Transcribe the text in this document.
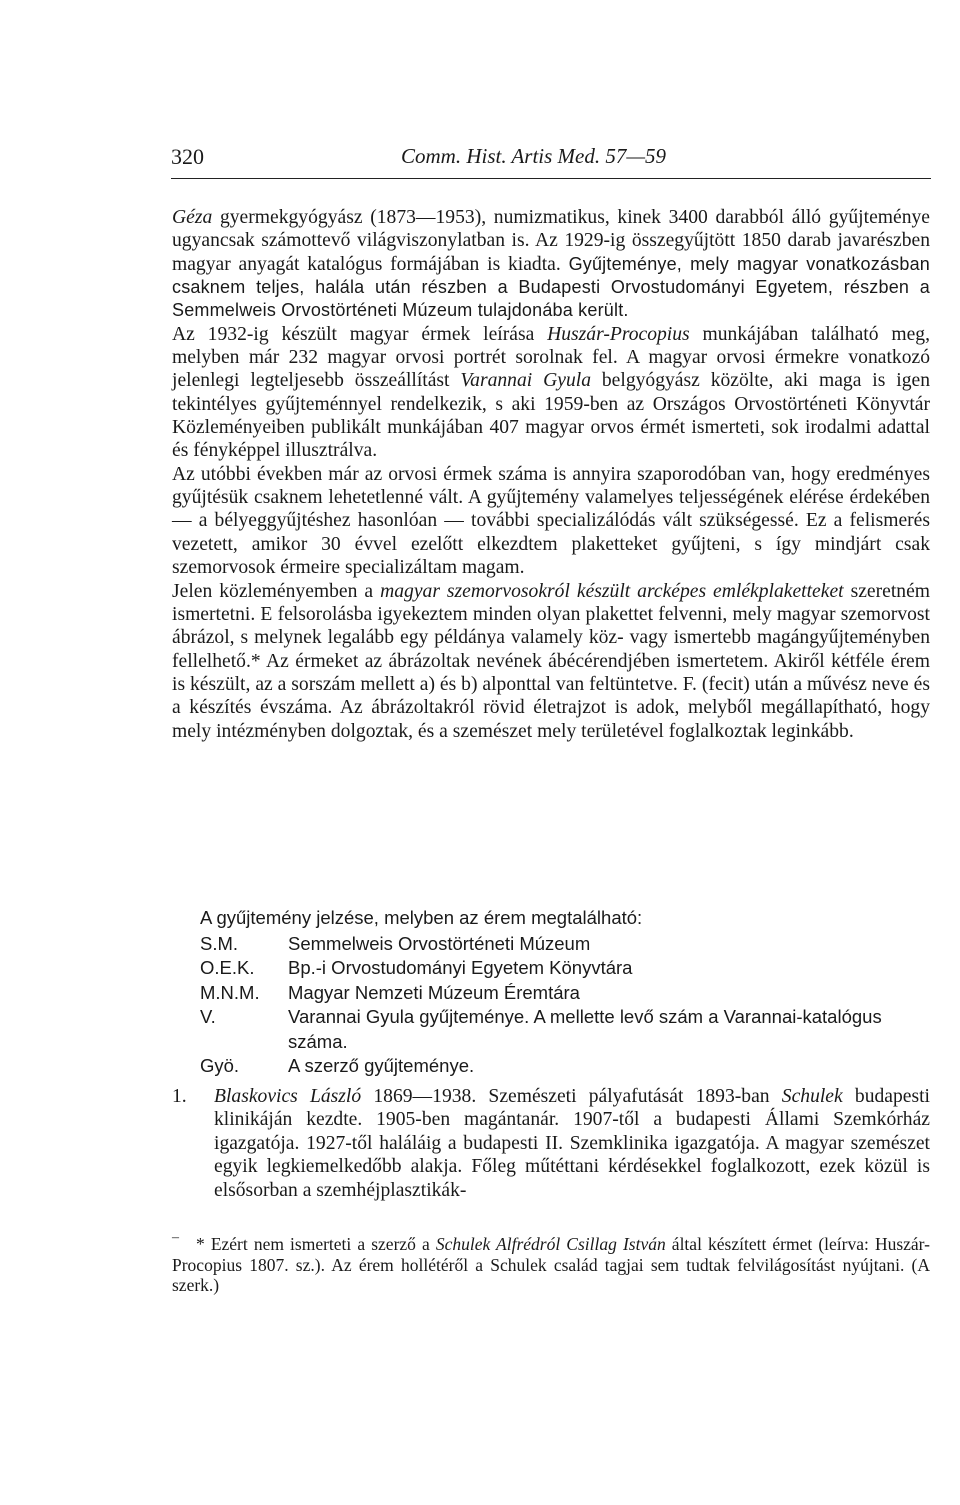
320	Comm. Hist. Artis Med. 57—59

Géza gyermekgyógyász (1873—1953), numizmatikus, kinek 3400 darabból álló gyűjteménye ugyancsak számottevő világviszonylatban is. Az 1929-ig összegyűjtött 1850 darab javarészben magyar anyagát katalógus formájában is kiadta. Gyűjteménye, mely magyar vonatkozásban csaknem teljes, halála után részben a Budapesti Orvostudományi Egyetem, részben a Semmelweis Orvostörténeti Múzeum tulajdonába került.

Az 1932-ig készült magyar érmek leírása Huszár-Procopius munkájában található meg, melyben már 232 magyar orvosi portrét sorolnak fel. A magyar orvosi érmekre vonatkozó jelenlegi legteljesebb összeállítást Varannai Gyula belgyógyász közölte, aki maga is igen tekintélyes gyűjteménnyel rendelkezik, s aki 1959-ben az Országos Orvostörténeti Könyvtár Közleményeiben publikált munkájában 407 magyar orvos érmét ismerteti, sok irodalmi adattal és fényképpel illusztrálva.

Az utóbbi években már az orvosi érmek száma is annyira szaporodóban van, hogy eredményes gyűjtésük csaknem lehetetlenné vált. A gyűjtemény valamelyes teljességének elérése érdekében — a bélyeggyűjtéshez hasonlóan — további specializálódás vált szükségessé. Ez a felismerés vezetett, amikor 30 évvel ezelőtt elkezdtem plaketteket gyűjteni, s így mindjárt csak szemorvosok érmeire specializáltam magam.

Jelen közleményemben a magyar szemorvosokról készült arcképes emlékplaketteket szeretném ismertetni. E felsorolásba igyekeztem minden olyan plakettet felvenni, mely magyar szemorvost ábrázol, s melynek legalább egy példánya valamely köz- vagy ismertebb magángyűjteményben fellelhető.* Az érmeket az ábrázoltak nevének ábécérendjében ismertetem. Akiről kétféle érem is készült, az a sorszám mellett a) és b) alponttal van feltüntetve. F. (fecit) után a művész neve és a készítés évszáma. Az ábrázoltakról rövid életrajzot is adok, melyből megállapítható, hogy mely intézményben dolgoztak, és a szemészet mely területével foglalkoztak leginkább.

A gyűjtemény jelzése, melyben az érem megtalálható:

S.M.	Semmelweis Orvostörténeti Múzeum
O.E.K.	Bp.-i Orvostudományi Egyetem Könyvtára
M.N.M.	Magyar Nemzeti Múzeum Éremtára
V.	Varannai Gyula gyűjteménye. A mellette levő szám a Varannai-katalógus száma.
Gyö.	A szerző gyűjteménye.
1.	Blaskovics László 1869—1938. Szemészeti pályafutását 1893-ban Schulek budapesti klinikáján kezdte. 1905-ben magántanár. 1907-től a budapesti Állami Szemkórház igazgatója. 1927-től haláláig a budapesti II. Szemklinika igazgatója. A magyar szemészet egyik legkiemelkedőbb alakja. Főleg műtéttani kérdésekkel foglalkozott, ezek közül is elsősorban a szemhéjplasztikák-
– * Ezért nem ismerteti a szerző a Schulek Alfrédról Csillag István által készített érmet (leírva: Huszár-Procopius 1807. sz.). Az érem hollétéről a Schulek család tagjai sem tudtak felvilágosítást nyújtani. (A szerk.)
